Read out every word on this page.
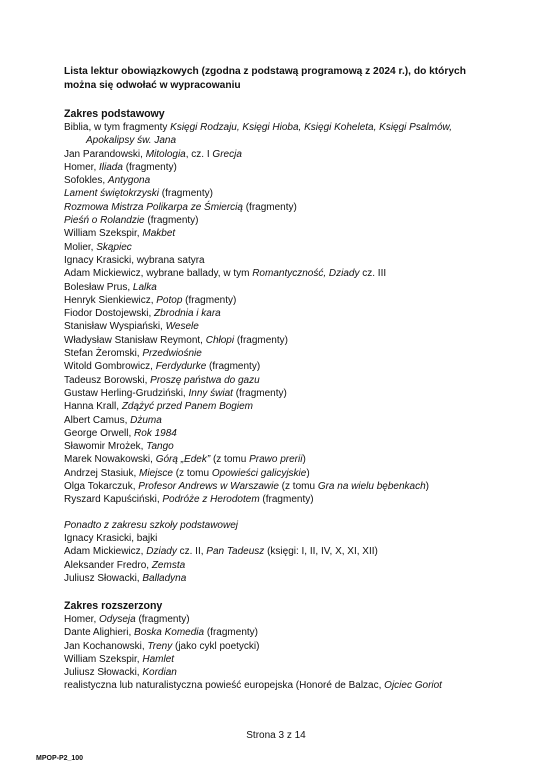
Lista lektur obowiązkowych (zgodna z podstawą programową z 2024 r.), do których można się odwołać w wypracowaniu
Zakres podstawowy
Biblia, w tym fragmenty Księgi Rodzaju, Księgi Hioba, Księgi Koheleta, Księgi Psalmów,
Apokalipsy św. Jana
Jan Parandowski, Mitologia, cz. I Grecja
Homer, Iliada (fragmenty)
Sofokles, Antygona
Lament świętokrzyski (fragmenty)
Rozmowa Mistrza Polikarpa ze Śmiercią (fragmenty)
Pieśń o Rolandzie (fragmenty)
William Szekspir, Makbet
Molier, Skąpiec
Ignacy Krasicki, wybrana satyra
Adam Mickiewicz, wybrane ballady, w tym Romantyczność, Dziady cz. III
Bolesław Prus, Lalka
Henryk Sienkiewicz, Potop (fragmenty)
Fiodor Dostojewski, Zbrodnia i kara
Stanisław Wyspiański, Wesele
Władysław Stanisław Reymont, Chłopi (fragmenty)
Stefan Żeromski, Przedwiośnie
Witold Gombrowicz, Ferdydurke (fragmenty)
Tadeusz Borowski, Proszę państwa do gazu
Gustaw Herling-Grudziński, Inny świat (fragmenty)
Hanna Krall, Zdążyć przed Panem Bogiem
Albert Camus, Dżuma
George Orwell, Rok 1984
Sławomir Mrożek, Tango
Marek Nowakowski, Górą „Edek” (z tomu Prawo prerii)
Andrzej Stasiuk, Miejsce (z tomu Opowieści galicyjskie)
Olga Tokarczuk, Profesor Andrews w Warszawie (z tomu Gra na wielu bębenkach)
Ryszard Kapuściński, Podróże z Herodotem (fragmenty)
Ponadto z zakresu szkoły podstawowej
Ignacy Krasicki, bajki
Adam Mickiewicz, Dziady cz. II, Pan Tadeusz (księgi: I, II, IV, X, XI, XII)
Aleksander Fredro, Zemsta
Juliusz Słowacki, Balladyna
Zakres rozszerzony
Homer, Odyseja (fragmenty)
Dante Alighieri, Boska Komedia (fragmenty)
Jan Kochanowski, Treny (jako cykl poetycki)
William Szekspir, Hamlet
Juliusz Słowacki, Kordian
realistyczna lub naturalistyczna powieść europejska (Honoré de Balzac, Ojciec Goriot
Strona 3 z 14
MPOP-P2_100
